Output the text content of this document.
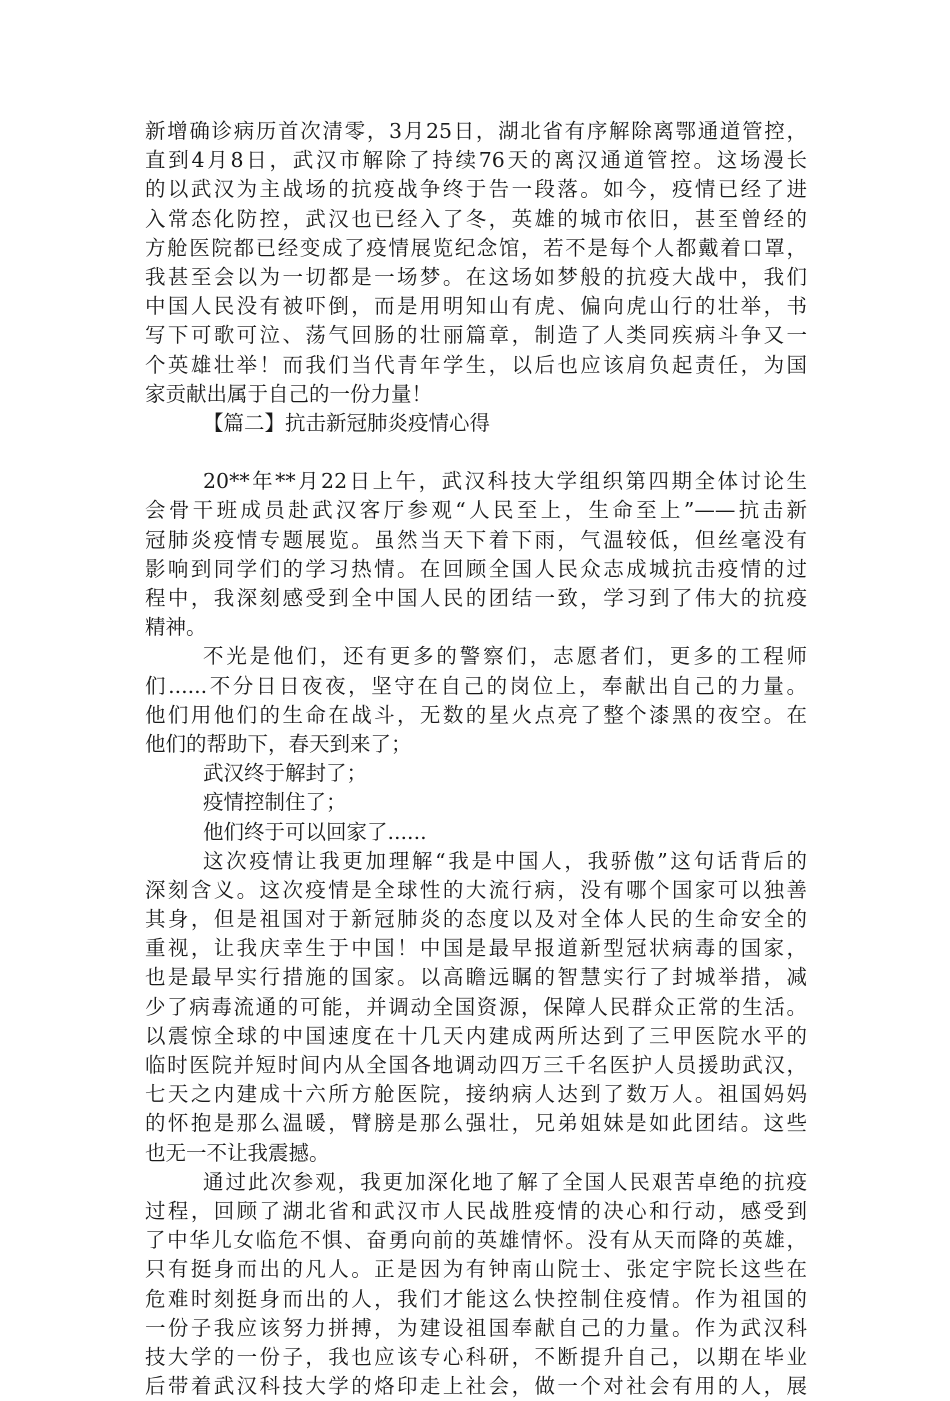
新增确诊病历首次清零，3月25日，湖北省有序解除离鄂通道管控，
直到4月8日，武汉市解除了持续76天的离汉通道管控。这场漫长
的以武汉为主战场的抗疫战争终于告一段落。如今，疫情已经了进
入常态化防控，武汉也已经入了冬，英雄的城市依旧，甚至曾经的
方舱医院都已经变成了疫情展览纪念馆，若不是每个人都戴着口罩，
我甚至会以为一切都是一场梦。在这场如梦般的抗疫大战中，我们
中国人民没有被吓倒，而是用明知山有虎、偏向虎山行的壮举，书
写下可歌可泣、荡气回肠的壮丽篇章，制造了人类同疾病斗争又一
个英雄壮举！而我们当代青年学生，以后也应该肩负起责任，为国
家贡献出属于自己的一份力量！
【篇二】抗击新冠肺炎疫情心得
20**年**月22日上午，武汉科技大学组织第四期全体讨论生
会骨干班成员赴武汉客厅参观“人民至上，生命至上”——抗击新
冠肺炎疫情专题展览。虽然当天下着下雨，气温较低，但丝毫没有
影响到同学们的学习热情。在回顾全国人民众志成城抗击疫情的过
程中，我深刻感受到全中国人民的团结一致，学习到了伟大的抗疫
精神。
不光是他们，还有更多的警察们，志愿者们，更多的工程师
们......不分日日夜夜，坚守在自己的岗位上，奉献出自己的力量。
他们用他们的生命在战斗，无数的星火点亮了整个漆黑的夜空。在
他们的帮助下，春天到来了；
武汉终于解封了；
疫情控制住了；
他们终于可以回家了......
这次疫情让我更加理解“我是中国人，我骄傲”这句话背后的
深刻含义。这次疫情是全球性的大流行病，没有哪个国家可以独善
其身，但是祖国对于新冠肺炎的态度以及对全体人民的生命安全的
重视，让我庆幸生于中国！中国是最早报道新型冠状病毒的国家，
也是最早实行措施的国家。以高瞻远瞩的智慧实行了封城举措，减
少了病毒流通的可能，并调动全国资源，保障人民群众正常的生活。
以震惊全球的中国速度在十几天内建成两所达到了三甲医院水平的
临时医院并短时间内从全国各地调动四万三千名医护人员援助武汉，
七天之内建成十六所方舱医院，接纳病人达到了数万人。祖国妈妈
的怀抱是那么温暖，臂膀是那么强壮，兄弟姐妹是如此团结。这些
也无一不让我震撼。
通过此次参观，我更加深化地了解了全国人民艰苦卓绝的抗疫
过程，回顾了湖北省和武汉市人民战胜疫情的决心和行动，感受到
了中华儿女临危不惧、奋勇向前的英雄情怀。没有从天而降的英雄，
只有挺身而出的凡人。正是因为有钟南山院士、张定宇院长这些在
危难时刻挺身而出的人，我们才能这么快控制住疫情。作为祖国的
一份子我应该努力拼搏，为建设祖国奉献自己的力量。作为武汉科
技大学的一份子，我也应该专心科研，不断提升自己，以期在毕业
后带着武汉科技大学的烙印走上社会，做一个对社会有用的人，展
